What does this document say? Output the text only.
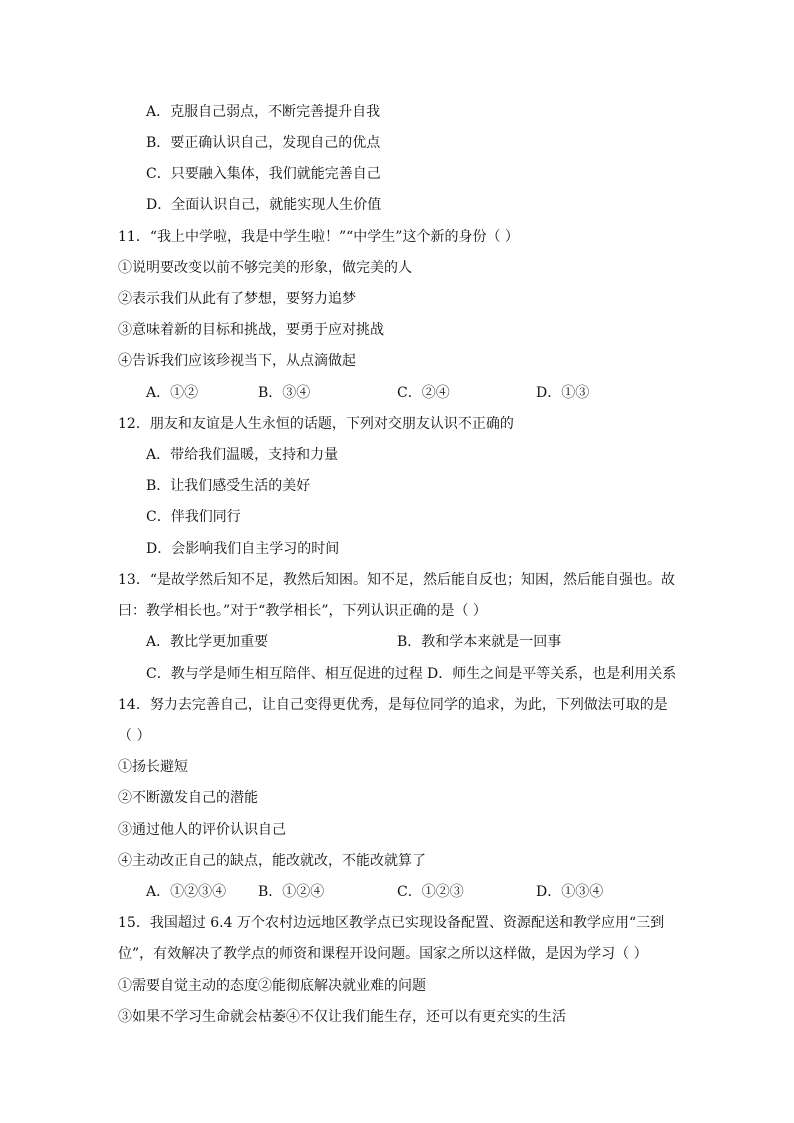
A．克服自己弱点，不断完善提升自我
B．要正确认识自己，发现自己的优点
C．只要融入集体，我们就能完善自己
D．全面认识自己，就能实现人生价值
11．“我上中学啦，我是中学生啦！”“中学生”这个新的身份（ ）
①说明要改变以前不够完美的形象，做完美的人
②表示我们从此有了梦想，要努力追梦
③意味着新的目标和挑战，要勇于应对挑战
④告诉我们应该珍视当下，从点滴做起
A．①②	B．③④	C．②④	D．①③
12．朋友和友谊是人生永恒的话题，下列对交朋友认识不正确的
A．带给我们温暖，支持和力量
B．让我们感受生活的美好
C．伴我们同行
D．会影响我们自主学习的时间
13．“是故学然后知不足，教然后知困。知不足，然后能自反也；知困，然后能自强也。故
曰：教学相长也。”对于“教学相长”，下列认识正确的是（ ）
A．教比学更加重要	B．教和学本来就是一回事
C．教与学是师生相互陪伴、相互促进的过程 D．师生之间是平等关系，也是利用关系
14．努力去完善自己，让自己变得更优秀，是每位同学的追求，为此，下列做法可取的是
（ ）
①扬长避短
②不断激发自己的潜能
③通过他人的评价认识自己
④主动改正自己的缺点，能改就改，不能改就算了
A．①②③④ B．①②④	C．①②③	D．①③④
15．我国超过 6.4 万个农村边远地区教学点已实现设备配置、资源配送和教学应用“三到
位”，有效解决了教学点的师资和课程开设问题。国家之所以这样做，是因为学习（ ）
①需要自觉主动的态度②能彻底解决就业难的问题
③如果不学习生命就会枯萎④不仅让我们能生存，还可以有更充实的生活
